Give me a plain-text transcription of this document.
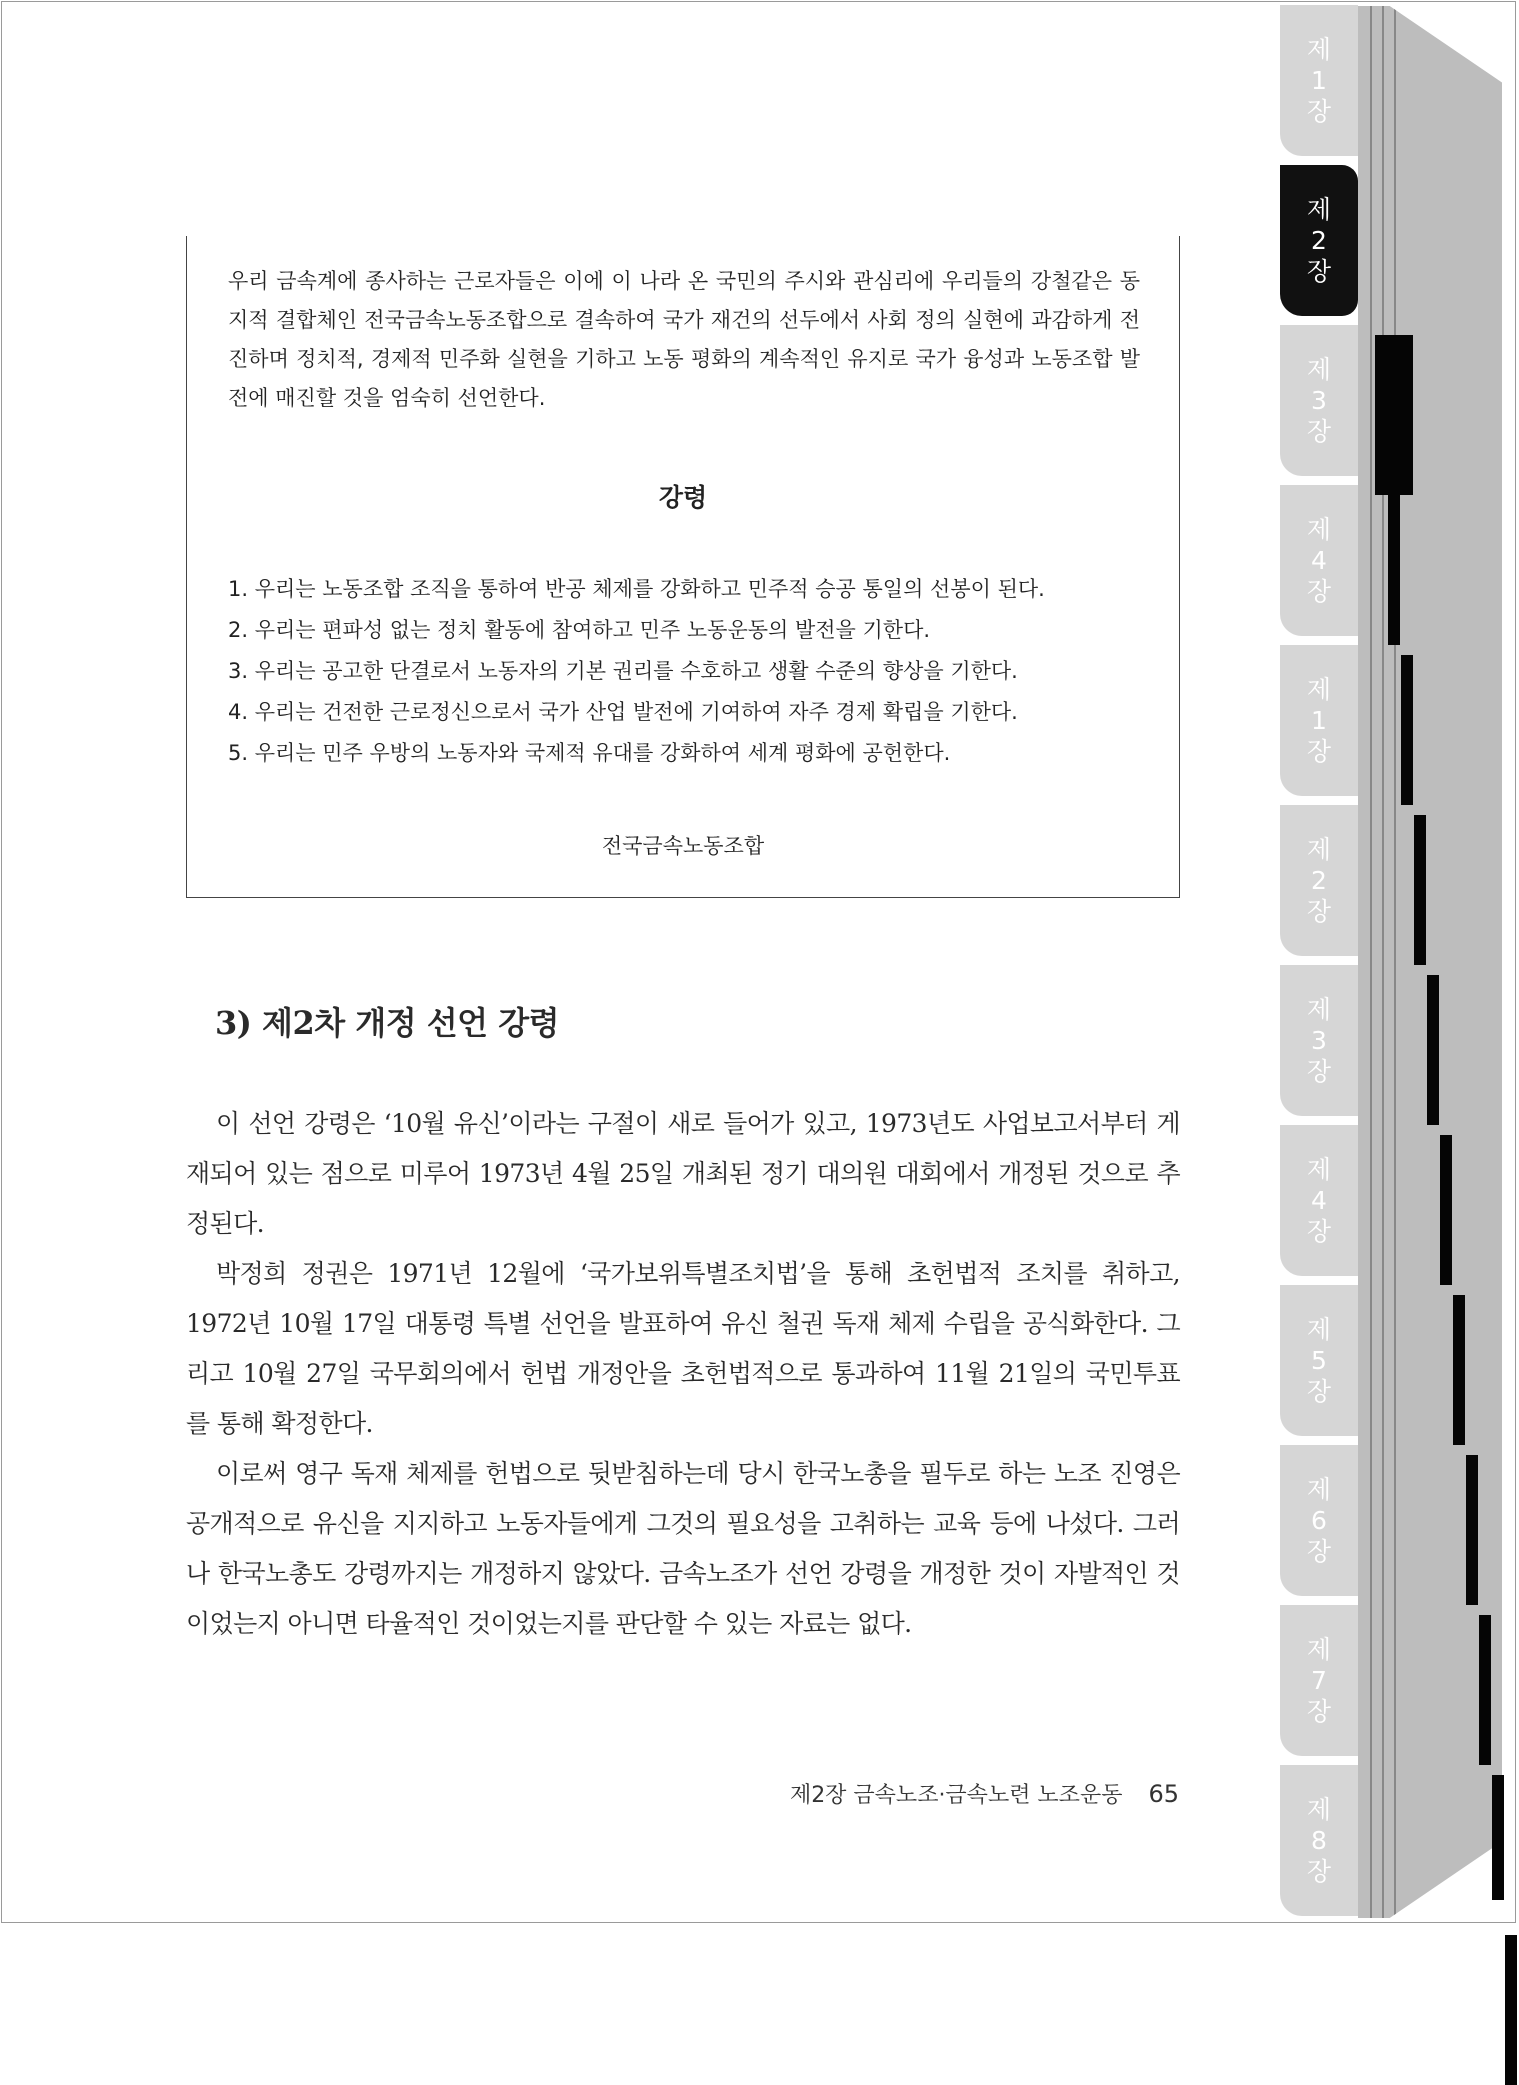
우리 금속계에 종사하는 근로자들은 이에 이 나라 온 국민의 주시와 관심리에 우리들의 강철같은 동지적 결합체인 전국금속노동조합으로 결속하여 국가 재건의 선두에서 사회 정의 실현에 과감하게 전진하며 정치적, 경제적 민주화 실현을 기하고 노동 평화의 계속적인 유지로 국가 융성과 노동조합 발전에 매진할 것을 엄숙히 선언한다.

강령
1. 우리는 노동조합 조직을 통하여 반공 체제를 강화하고 민주적 승공 통일의 선봉이 된다.
2. 우리는 편파성 없는 정치 활동에 참여하고 민주 노동운동의 발전을 기한다.
3. 우리는 공고한 단결로서 노동자의 기본 권리를 수호하고 생활 수준의 향상을 기한다.
4. 우리는 건전한 근로정신으로서 국가 산업 발전에 기여하여 자주 경제 확립을 기한다.
5. 우리는 민주 우방의 노동자와 국제적 유대를 강화하여 세계 평화에 공헌한다.
전국금속노동조합
3) 제2차 개정 선언 강령

이 선언 강령은 ‘10월 유신’이라는 구절이 새로 들어가 있고, 1973년도 사업보고서부터 게재되어 있는 점으로 미루어 1973년 4월 25일 개최된 정기 대의원 대회에서 개정된 것으로 추정된다.

박정희 정권은 1971년 12월에 ‘국가보위특별조치법’을 통해 초헌법적 조치를 취하고, 1972년 10월 17일 대통령 특별 선언을 발표하여 유신 철권 독재 체제 수립을 공식화한다. 그리고 10월 27일 국무회의에서 헌법 개정안을 초헌법적으로 통과하여 11월 21일의 국민투표를 통해 확정한다.

이로써 영구 독재 체제를 헌법으로 뒷받침하는데 당시 한국노총을 필두로 하는 노조 진영은 공개적으로 유신을 지지하고 노동자들에게 그것의 필요성을 고취하는 교육 등에 나섰다. 그러나 한국노총도 강령까지는 개정하지 않았다. 금속노조가 선언 강령을 개정한 것이 자발적인 것이었는지 아니면 타율적인 것이었는지를 판단할 수 있는 자료는 없다.

제2장 금속노조·금속노련 노조운동 65
제
1
장
제
2
장
제
3
장
제
4
장
제
1
장
제
2
장
제
3
장
제
4
장
제
5
장
제
6
장
제
7
장
제
8
장
